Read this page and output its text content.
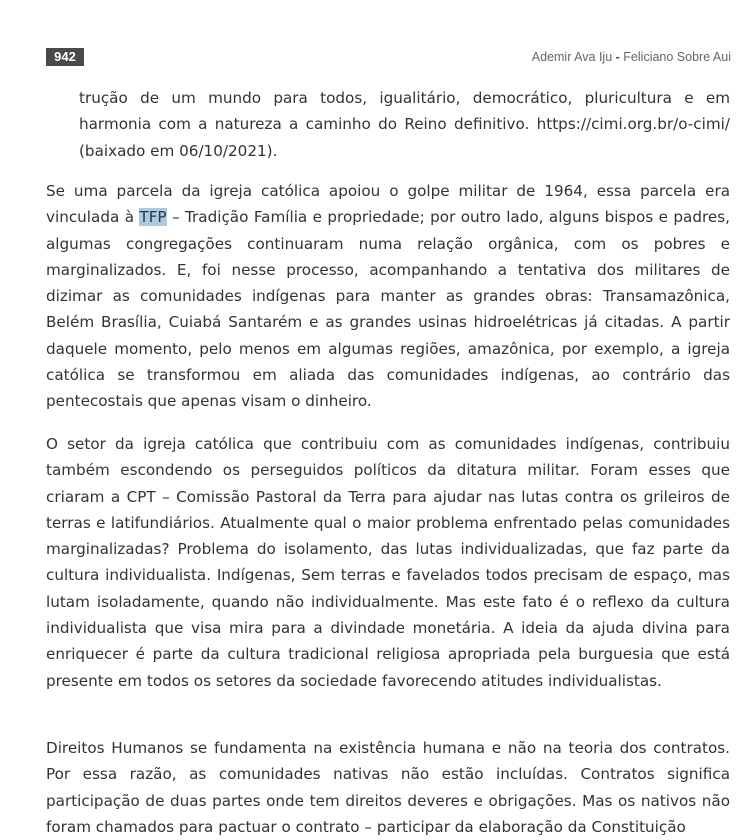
942	Ademir Ava Iju - Feliciano Sobre Aui
trução de um mundo para todos, igualitário, democrático, pluricultura e em harmonia com a natureza a caminho do Reino definitivo. https://cimi.org.br/o-cimi/ (baixado em 06/10/2021).

Se uma parcela da igreja católica apoiou o golpe militar de 1964, essa parcela era vinculada à TFP – Tradição Família e propriedade; por outro lado, alguns bispos e padres, algumas congregações continuaram numa relação orgânica, com os pobres e marginalizados. E, foi nesse processo, acompanhando a tentativa dos militares de dizimar as comunidades indígenas para manter as grandes obras: Transamazônica, Belém Brasília, Cuiabá Santarém e as grandes usinas hidroelétricas já citadas. A partir daquele momento, pelo menos em algumas regiões, amazônica, por exemplo, a igreja católica se transformou em aliada das comunidades indígenas, ao contrário das pentecostais que apenas visam o dinheiro.

O setor da igreja católica que contribuiu com as comunidades indígenas, contribuiu também escondendo os perseguidos políticos da ditatura militar. Foram esses que criaram a CPT – Comissão Pastoral da Terra para ajudar nas lutas contra os grileiros de terras e latifundiários. Atualmente qual o maior problema enfrentado pelas comunidades marginalizadas? Problema do isolamento, das lutas individualizadas, que faz parte da cultura individualista. Indígenas, Sem terras e favelados todos precisam de espaço, mas lutam isoladamente, quando não individualmente. Mas este fato é o reflexo da cultura individualista que visa mira para a divindade monetária. A ideia da ajuda divina para enriquecer é parte da cultura tradicional religiosa apropriada pela burguesia que está presente em todos os setores da sociedade favorecendo atitudes individualistas.

Direitos Humanos se fundamenta na existência humana e não na teoria dos contratos. Por essa razão, as comunidades nativas não estão incluídas. Contratos significa participação de duas partes onde tem direitos deveres e obrigações. Mas os nativos não foram chamados para pactuar o contrato – participar da elaboração da Constituição
